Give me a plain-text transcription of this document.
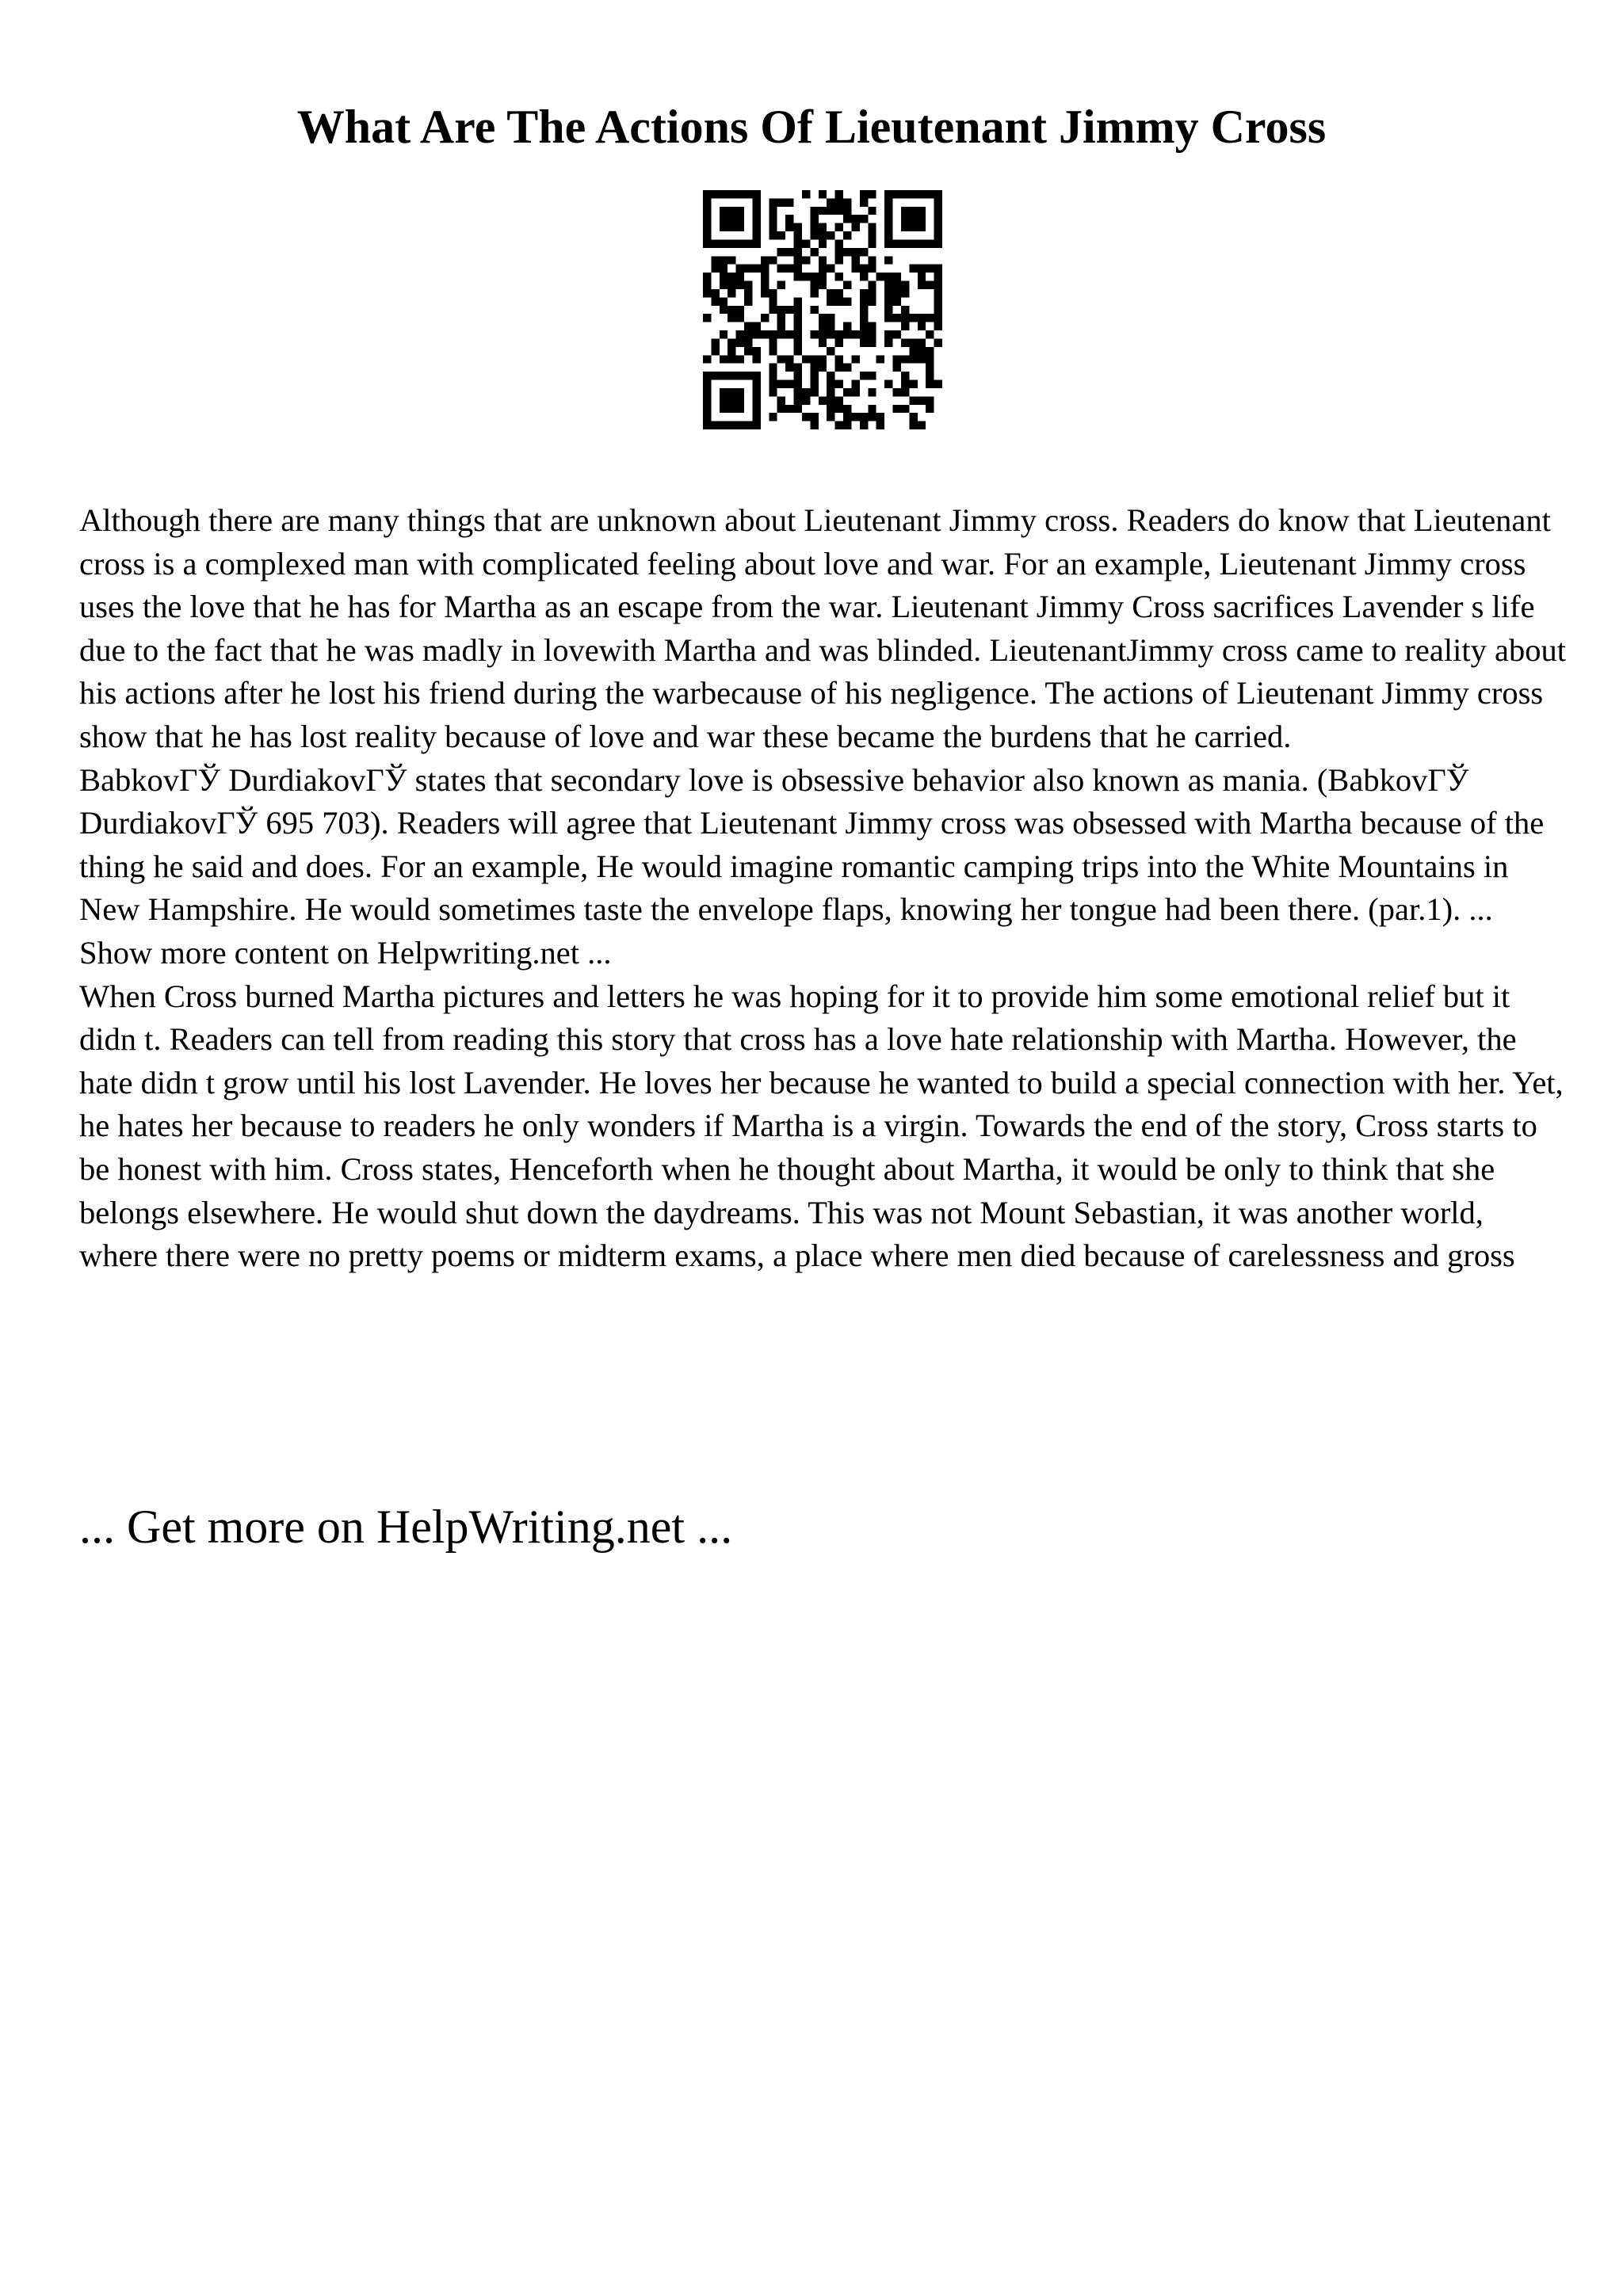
What Are The Actions Of Lieutenant Jimmy Cross

Although there are many things that are unknown about Lieutenant Jimmy cross. Readers do know that Lieutenant cross is a complexed man with complicated feeling about love and war. For an example, Lieutenant Jimmy cross uses the love that he has for Martha as an escape from the war. Lieutenant Jimmy Cross sacrifices Lavender s life due to the fact that he was madly in lovewith Martha and was blinded. LieutenantJimmy cross came to reality about his actions after he lost his friend during the warbecause of his negligence. The actions of Lieutenant Jimmy cross show that he has lost reality because of love and war these became the burdens that he carried.

BabkovГЎ DurdiakovГЎ states that secondary love is obsessive behavior also known as mania. (BabkovГЎ DurdiakovГЎ 695 703). Readers will agree that Lieutenant Jimmy cross was obsessed with Martha because of the thing he said and does. For an example, He would imagine romantic camping trips into the White Mountains in New Hampshire. He would sometimes taste the envelope flaps, knowing her tongue had been there. (par.1). ... Show more content on Helpwriting.net ...

When Cross burned Martha pictures and letters he was hoping for it to provide him some emotional relief but it didn t. Readers can tell from reading this story that cross has a love hate relationship with Martha. However, the hate didn t grow until his lost Lavender. He loves her because he wanted to build a special connection with her. Yet, he hates her because to readers he only wonders if Martha is a virgin. Towards the end of the story, Cross starts to be honest with him. Cross states, Henceforth when he thought about Martha, it would be only to think that she belongs elsewhere. He would shut down the daydreams. This was not Mount Sebastian, it was another world, where there were no pretty poems or midterm exams, a place where men died because of carelessness and gross

... Get more on HelpWriting.net ...
